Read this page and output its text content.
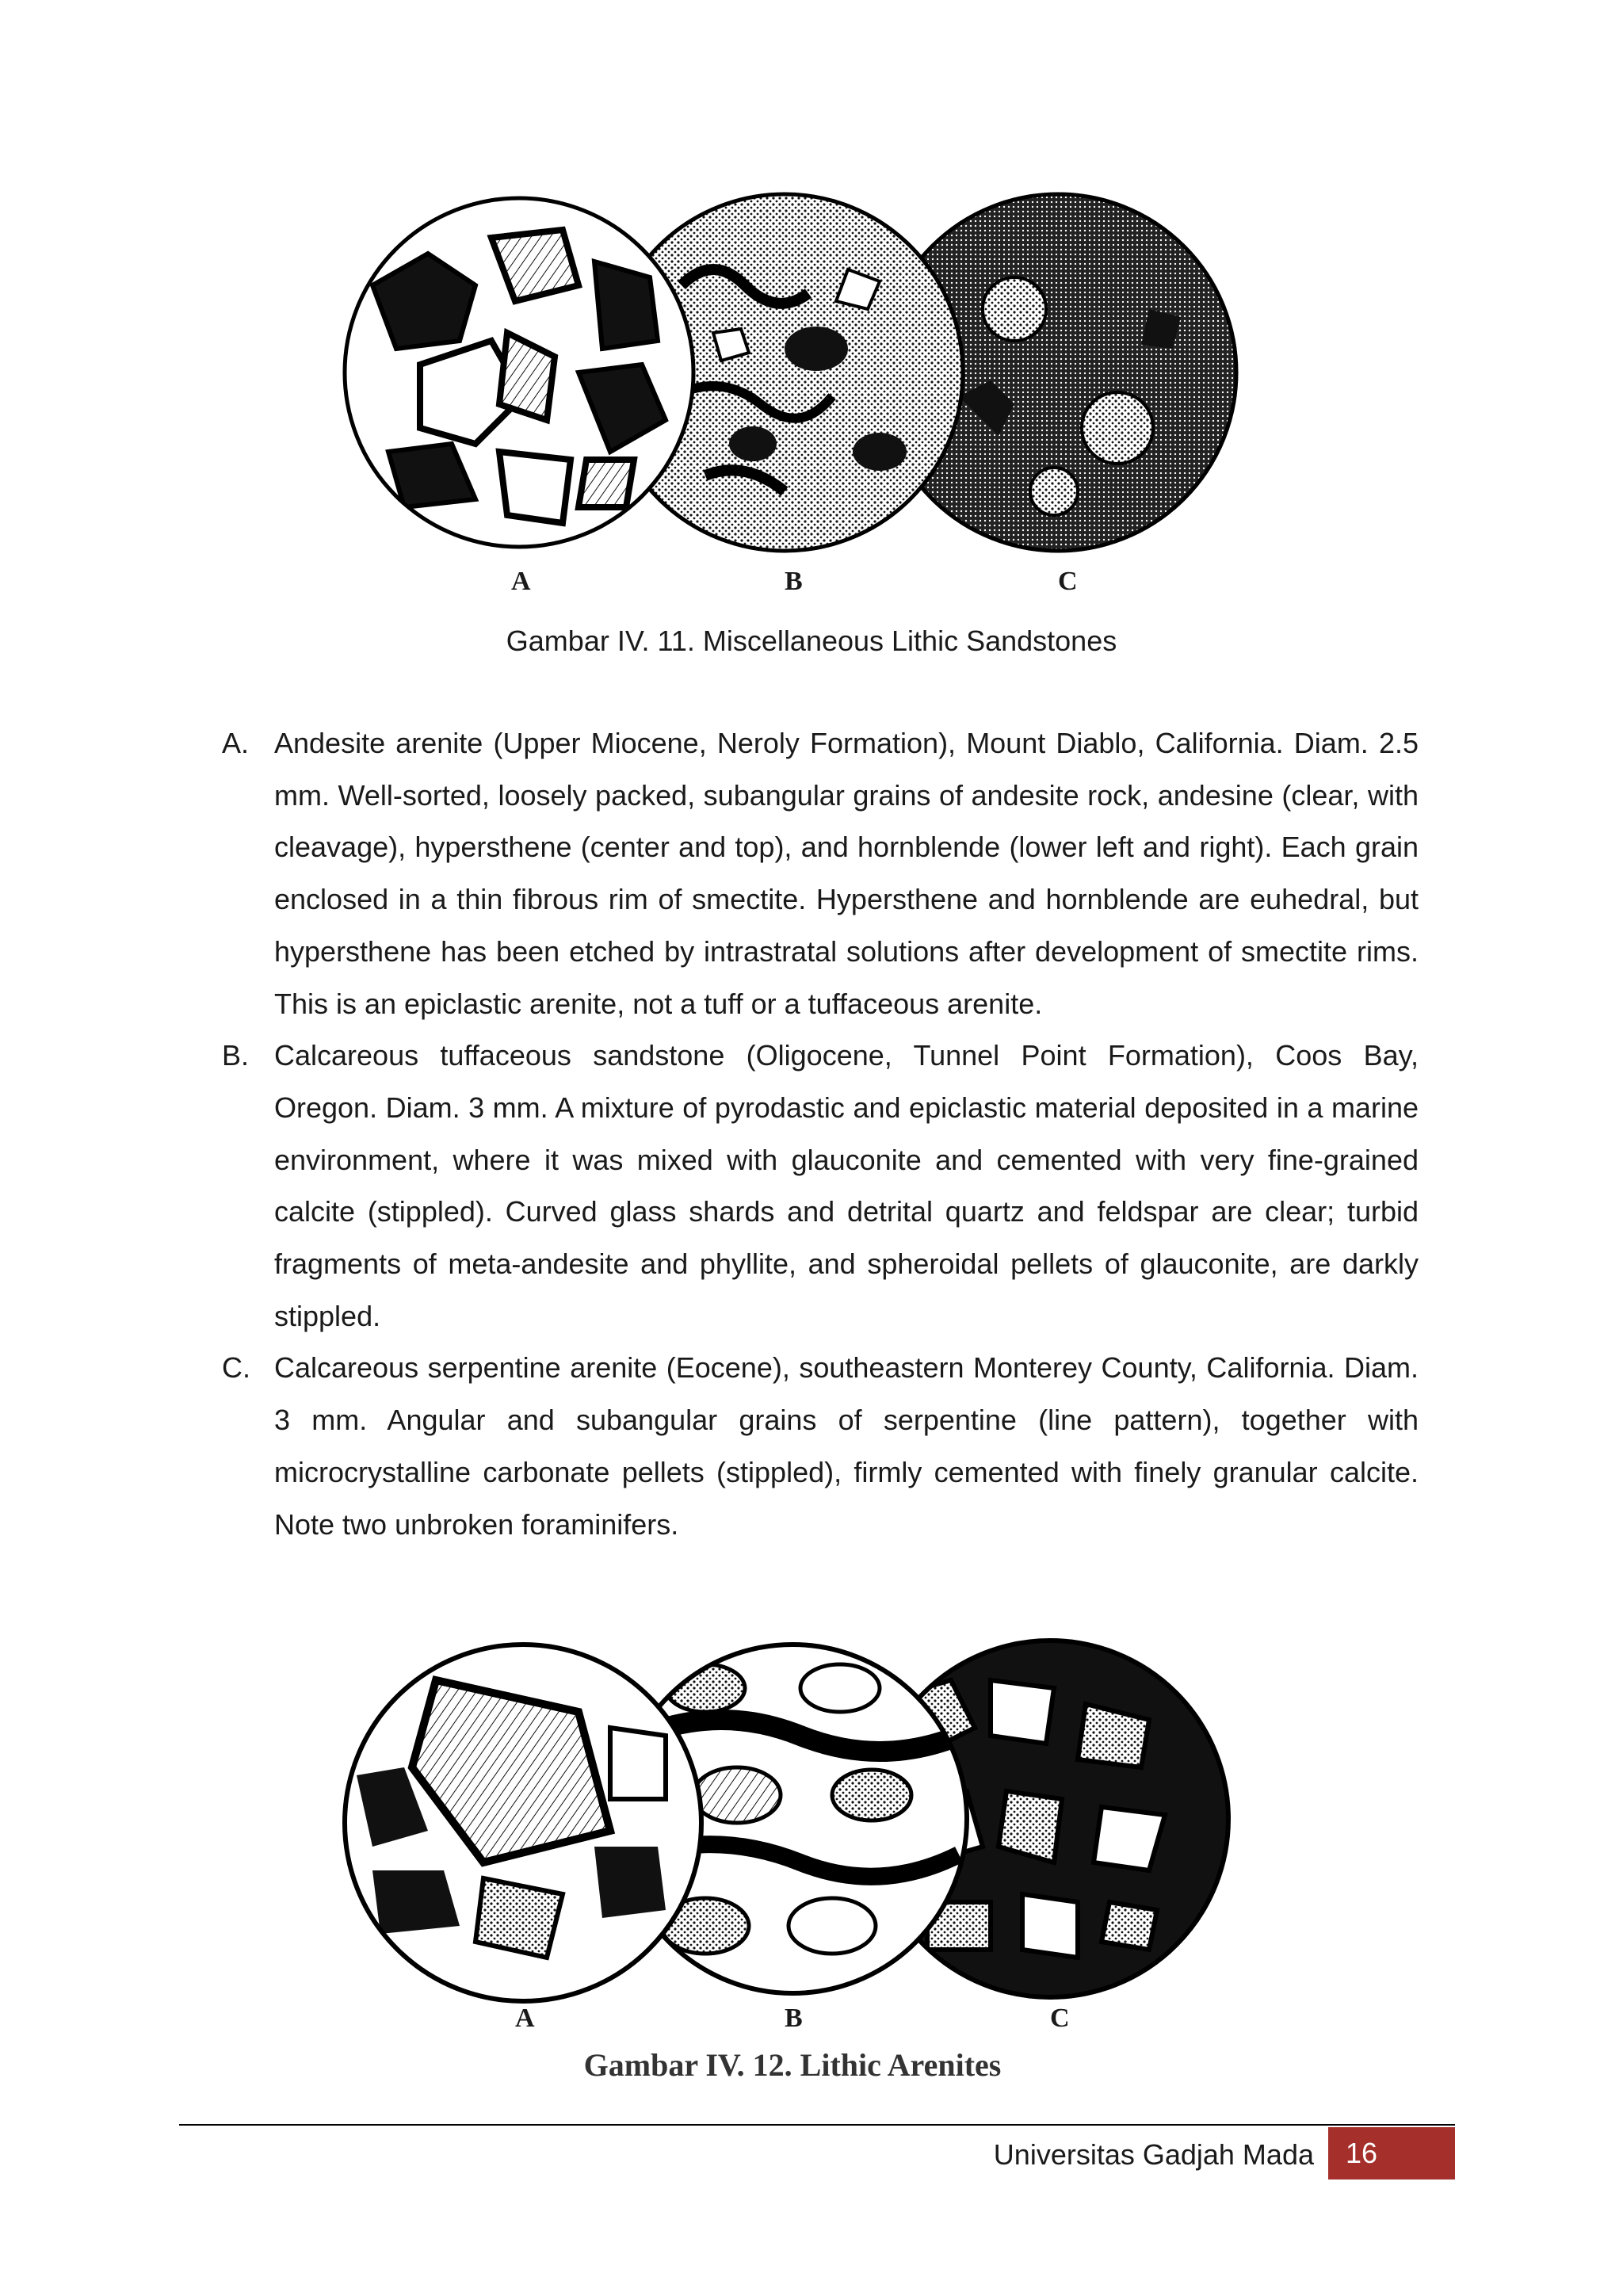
A	B	C
Gambar IV. 11. Miscellaneous Lithic Sandstones
A. Andesite arenite (Upper Miocene, Neroly Formation), Mount Diablo, California. Diam. 2.5 mm. Well-sorted, loosely packed, subangular grains of andesite rock, andesine (clear, with cleavage), hypersthene (center and top), and hornblende (lower left and right). Each grain enclosed in a thin fibrous rim of smectite. Hypersthene and hornblende are euhedral, but hypersthene has been etched by intrastratal solutions after development of smectite rims. This is an epiclastic arenite, not a tuff or a tuffaceous arenite.
B. Calcareous tuffaceous sandstone (Oligocene, Tunnel Point Formation), Coos Bay, Oregon. Diam. 3 mm. A mixture of pyrodastic and epiclastic material deposited in a marine environment, where it was mixed with glauconite and cemented with very fine-grained calcite (stippled). Curved glass shards and detrital quartz and feldspar are clear; turbid fragments of meta-andesite and phyllite, and spheroidal pellets of glauconite, are darkly stippled.
C. Calcareous serpentine arenite (Eocene), southeastern Monterey County, California. Diam. 3 mm. Angular and subangular grains of serpentine (line pattern), together with microcrystalline carbonate pellets (stippled), firmly cemented with finely granular calcite. Note two unbroken foraminifers.
A	B	C
Gambar IV. 12. Lithic Arenites
Universitas Gadjah Mada	16
